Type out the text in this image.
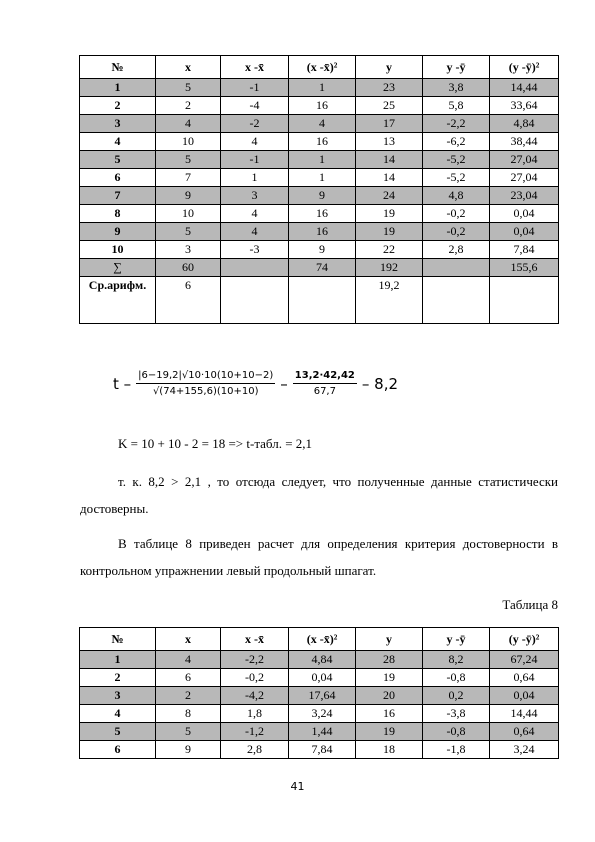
№	x	x -x̄	(x -x̄)²	y	y -ȳ	(y -ȳ)²
1	5	-1	1	23	3,8	14,44
2	2	-4	16	25	5,8	33,64
3	4	-2	4	17	-2,2	4,84
4	10	4	16	13	-6,2	38,44
5	5	-1	1	14	-5,2	27,04
6	7	1	1	14	-5,2	27,04
7	9	3	9	24	4,8	23,04
8	10	4	16	19	-0,2	0,04
9	5	4	16	19	-0,2	0,04
10	3	-3	9	22	2,8	7,84
∑	60		74	192		155,6
Ср.арифм.	6			19,2		
t – $\frac{|6-19,2|√10\cdot 10(10+10-2)}{√(74+155,6)(10+10)} - \frac{13,2\cdot 42,42}{67,7} - 8,2$
K = 10 + 10 - 2 = 18 => t-табл. = 2,1
т. к. 8,2 > 2,1 , то отсюда следует, что полученные данные статистически достоверны.
В таблице 8 приведен расчет для определения критерия достоверности в контрольном упражнении левый продольный шпагат.
Таблица 8
№	x	x -x̄	(x -x̄)²	y	y -ȳ	(y -ȳ)²
1	4	-2,2	4,84	28	8,2	67,24
2	6	-0,2	0,04	19	-0,8	0,64
3	2	-4,2	17,64	20	0,2	0,04
4	8	1,8	3,24	16	-3,8	14,44
5	5	-1,2	1,44	19	-0,8	0,64
6	9	2,8	7,84	18	-1,8	3,24
41
